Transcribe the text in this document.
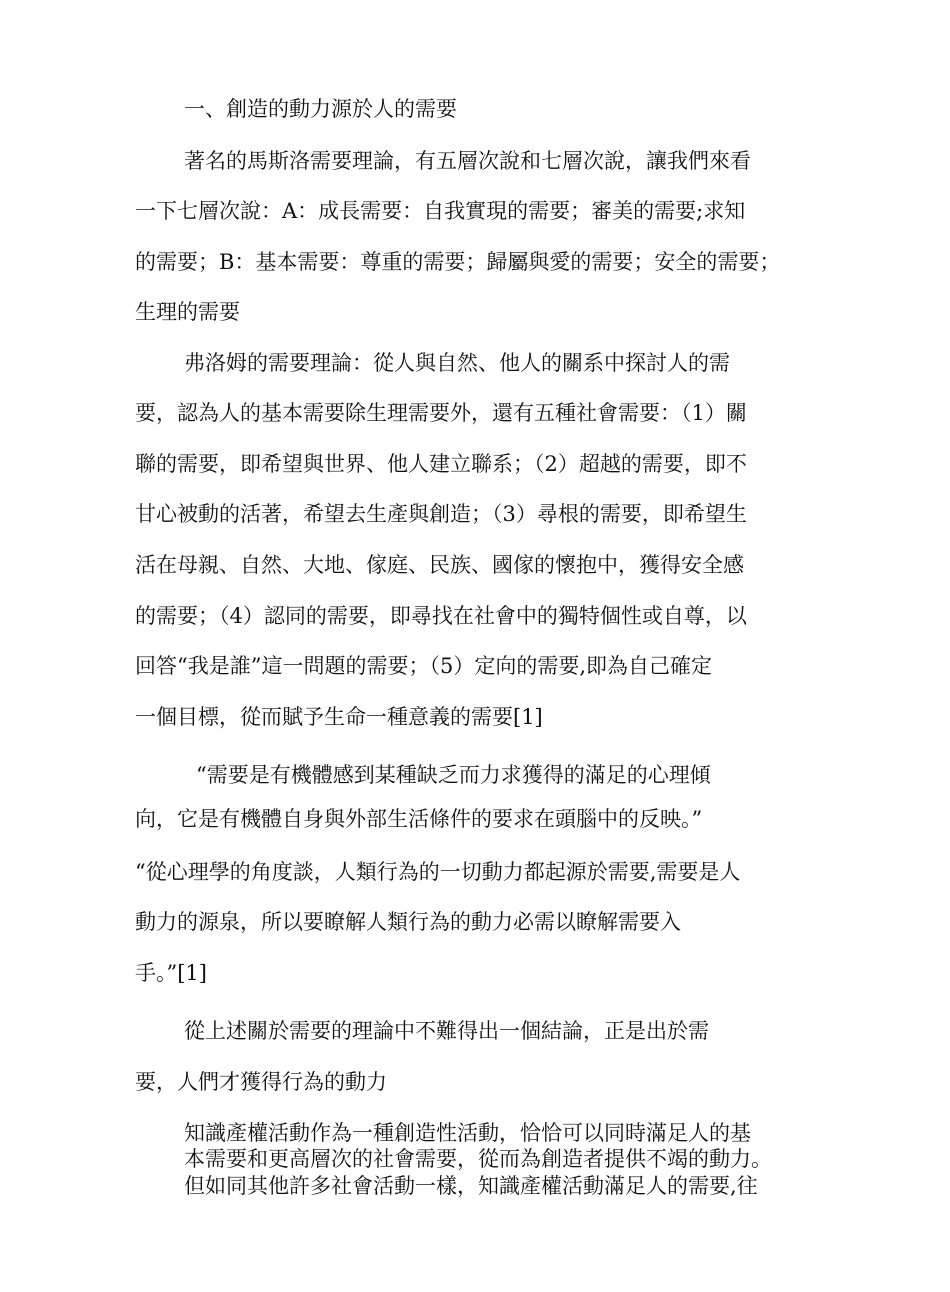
一、創造的動力源於人的需要
著名的馬斯洛需要理論，有五層次說和七層次說，讓我們來看
一下七層次說：A：成長需要：自我實現的需要；審美的需要;求知
的需要；B：基本需要：尊重的需要；歸屬與愛的需要；安全的需要；
生理的需要
弗洛姆的需要理論：從人與自然、他人的關系中探討人的需
要，認為人的基本需要除生理需要外，還有五種社會需要：（1）關
聯的需要，即希望與世界、他人建立聯系；（2）超越的需要，即不
甘心被動的活著，希望去生產與創造；（3）尋根的需要，即希望生
活在母親、自然、大地、傢庭、民族、國傢的懷抱中，獲得安全感
的需要；（4）認同的需要，即尋找在社會中的獨特個性或自尊，以
回答“我是誰”這一問題的需要；（5）定向的需要,即為自己確定
一個目標，從而賦予生命一種意義的需要[1]
“需要是有機體感到某種缺乏而力求獲得的滿足的心理傾
向，它是有機體自身與外部生活條件的要求在頭腦中的反映。”
“從心理學的角度談，人類行為的一切動力都起源於需要,需要是人
動力的源泉，所以要瞭解人類行為的動力必需以瞭解需要入
手。”[1]
從上述關於需要的理論中不難得出一個結論，正是出於需
要，人們才獲得行為的動力
知識產權活動作為一種創造性活動，恰恰可以同時滿足人的基
本需要和更高層次的社會需要，從而為創造者提供不竭的動力。
但如同其他許多社會活動一樣，知識產權活動滿足人的需要,往
